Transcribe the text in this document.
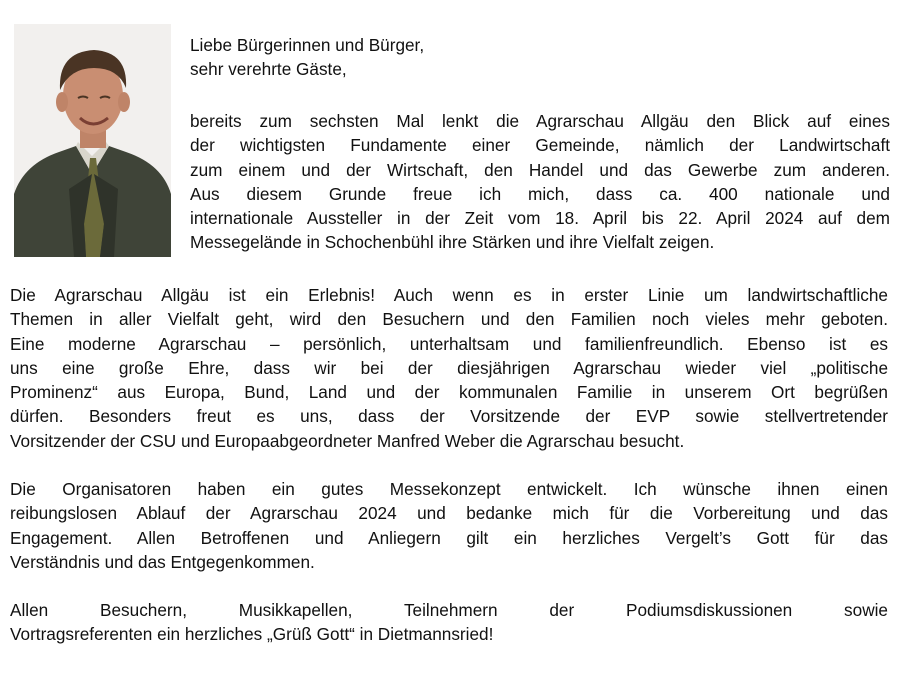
Liebe Bürgerinnen und Bürger,
sehr verehrte Gäste,

bereits zum sechsten Mal lenkt die Agrarschau Allgäu den Blick auf eines
der wichtigsten Fundamente einer Gemeinde, nämlich der Landwirtschaft
zum einem und der Wirtschaft, den Handel und das Gewerbe zum anderen.
Aus diesem Grunde freue ich mich, dass ca. 400 nationale und
internationale Aussteller in der Zeit vom 18. April bis 22. April 2024 auf dem
Messegelände in Schochenbühl ihre Stärken und ihre Vielfalt zeigen.

Die Agrarschau Allgäu ist ein Erlebnis! Auch wenn es in erster Linie um landwirtschaftliche
Themen in aller Vielfalt geht, wird den Besuchern und den Familien noch vieles mehr geboten.
Eine moderne Agrarschau – persönlich, unterhaltsam und familienfreundlich. Ebenso ist es
uns eine große Ehre, dass wir bei der diesjährigen Agrarschau wieder viel „politische
Prominenz“ aus Europa, Bund, Land und der kommunalen Familie in unserem Ort begrüßen
dürfen. Besonders freut es uns, dass der Vorsitzende der EVP sowie stellvertretender
Vorsitzender der CSU und Europaabgeordneter Manfred Weber die Agrarschau besucht.

Die Organisatoren haben ein gutes Messekonzept entwickelt. Ich wünsche ihnen einen
reibungslosen Ablauf der Agrarschau 2024 und bedanke mich für die Vorbereitung und das
Engagement. Allen Betroffenen und Anliegern gilt ein herzliches Vergelt’s Gott für das
Verständnis und das Entgegenkommen.

Allen Besuchern, Musikkapellen, Teilnehmern der Podiumsdiskussionen sowie
Vortragsreferenten ein herzliches „Grüß Gott“ in Dietmannsried!
